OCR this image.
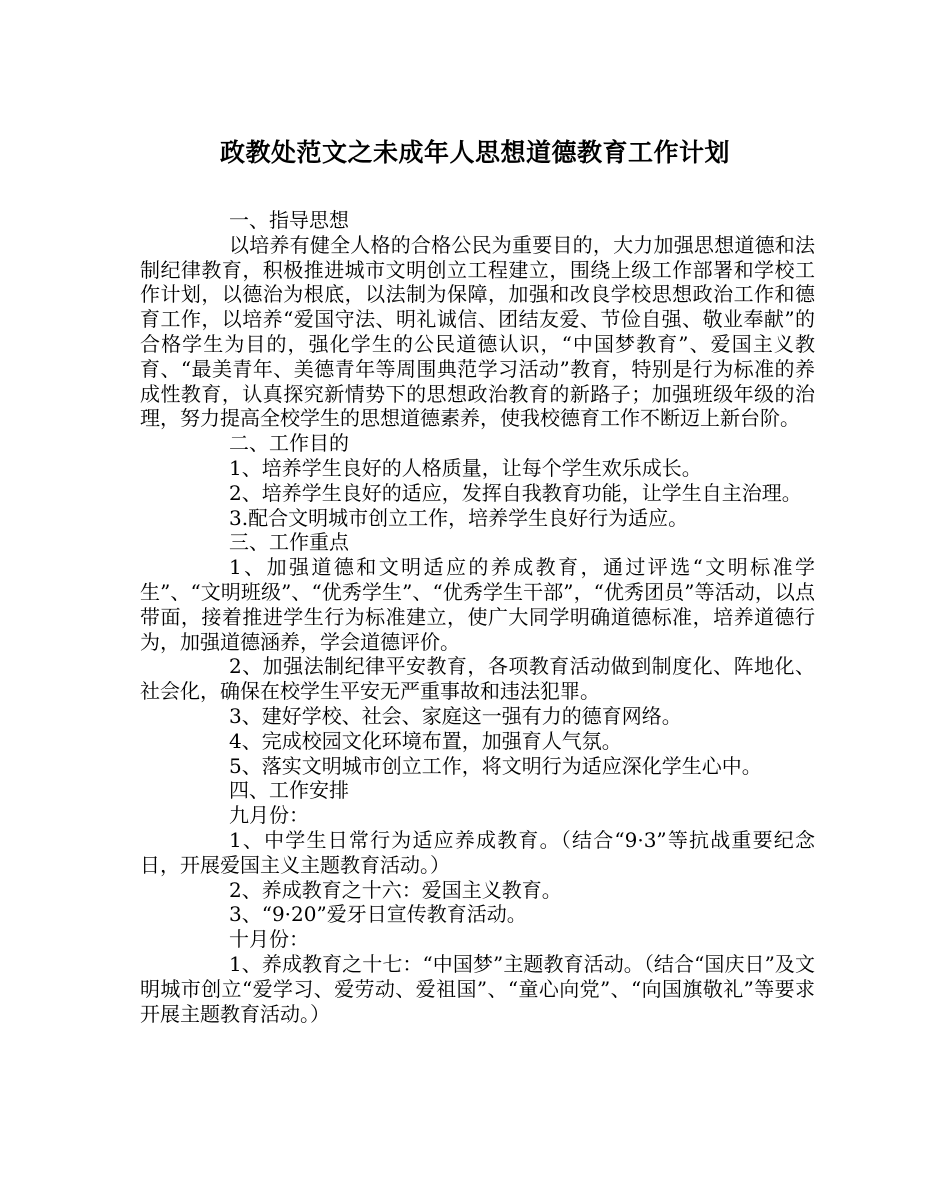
政教处范文之未成年人思想道德教育工作计划

一、指导思想

以培养有健全人格的合格公民为重要目的，大力加强思想道德和法制纪律教育，积极推进城市文明创立工程建立，围绕上级工作部署和学校工作计划，以德治为根底，以法制为保障，加强和改良学校思想政治工作和德育工作，以培养“爱国守法、明礼诚信、团结友爱、节俭自强、敬业奉献”的合格学生为目的，强化学生的公民道德认识，“中国梦教育”、爱国主义教育、“最美青年、美德青年等周围典范学习活动”教育，特别是行为标准的养成性教育，认真探究新情势下的思想政治教育的新路子；加强班级年级的治理，努力提高全校学生的思想道德素养，使我校德育工作不断迈上新台阶。

二、工作目的

1、培养学生良好的人格质量，让每个学生欢乐成长。

2、培养学生良好的适应，发挥自我教育功能，让学生自主治理。

3.配合文明城市创立工作，培养学生良好行为适应。

三、工作重点

1、加强道德和文明适应的养成教育，通过评选“文明标准学生”、“文明班级”、“优秀学生”、“优秀学生干部”，“优秀团员”等活动，以点带面，接着推进学生行为标准建立，使广大同学明确道德标准，培养道德行为，加强道德涵养，学会道德评价。

2、加强法制纪律平安教育，各项教育活动做到制度化、阵地化、社会化，确保在校学生平安无严重事故和违法犯罪。

3、建好学校、社会、家庭这一强有力的德育网络。

4、完成校园文化环境布置，加强育人气氛。

5、落实文明城市创立工作，将文明行为适应深化学生心中。

四、工作安排

九月份：

1、中学生日常行为适应养成教育。（结合“9·3”等抗战重要纪念日，开展爱国主义主题教育活动。）

2、养成教育之十六：爱国主义教育。

3、“9·20”爱牙日宣传教育活动。

十月份：

1、养成教育之十七：“中国梦”主题教育活动。（结合“国庆日”及文明城市创立“爱学习、爱劳动、爱祖国”、“童心向党”、“向国旗敬礼”等要求开展主题教育活动。）
